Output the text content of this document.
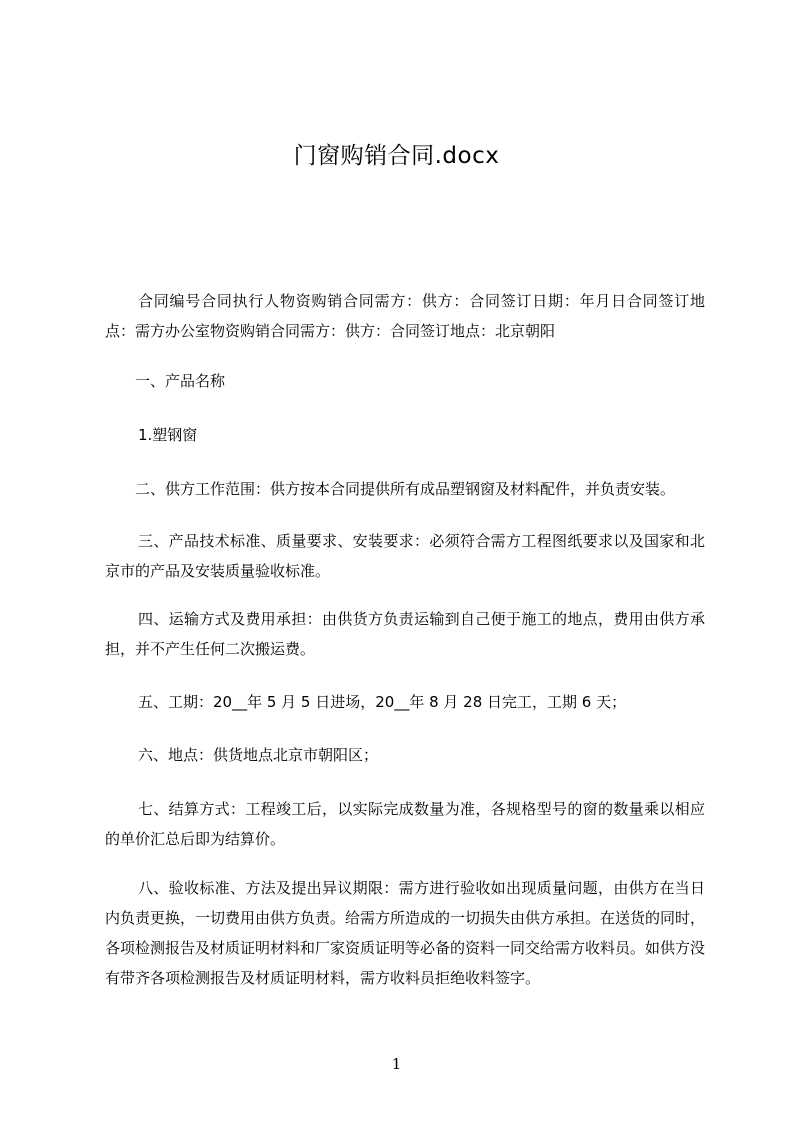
门窗购销合同.docx

合同编号合同执行人物资购销合同需方：供方：合同签订日期：年月日合同签订地点：需方办公室物资购销合同需方：供方：合同签订地点：北京朝阳

一、产品名称

1.塑钢窗

二、供方工作范围：供方按本合同提供所有成品塑钢窗及材料配件，并负责安装。

三、产品技术标准、质量要求、安装要求：必须符合需方工程图纸要求以及国家和北京市的产品及安装质量验收标准。

四、运输方式及费用承担：由供货方负责运输到自己便于施工的地点，费用由供方承担，并不产生任何二次搬运费。

五、工期：20__年 5 月 5 日进场，20__年 8 月 28 日完工，工期 6 天；

六、地点：供货地点北京市朝阳区；

七、结算方式：工程竣工后，以实际完成数量为准，各规格型号的窗的数量乘以相应的单价汇总后即为结算价。

八、验收标准、方法及提出异议期限：需方进行验收如出现质量问题，由供方在当日内负责更换，一切费用由供方负责。给需方所造成的一切损失由供方承担。在送货的同时，各项检测报告及材质证明材料和厂家资质证明等必备的资料一同交给需方收料员。如供方没有带齐各项检测报告及材质证明材料，需方收料员拒绝收料签字。

1
